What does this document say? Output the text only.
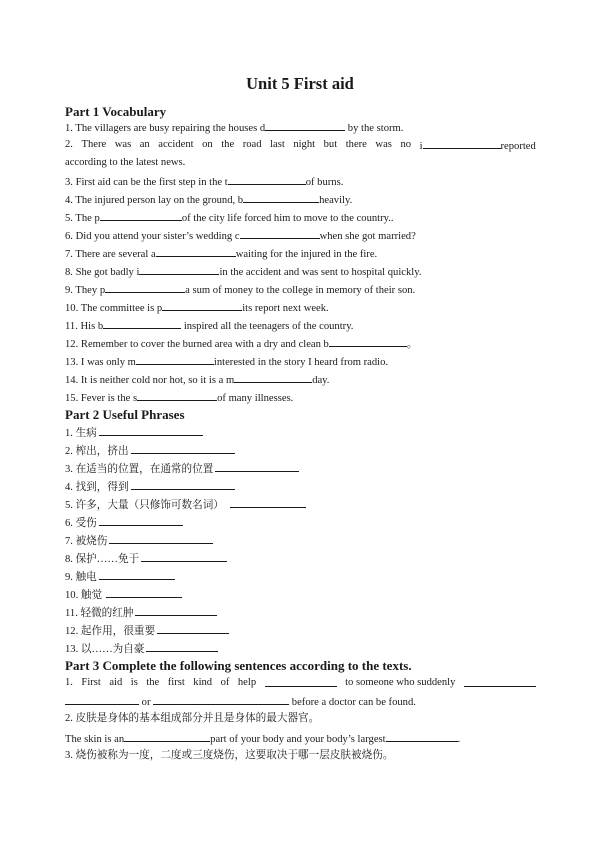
Unit 5 First aid
Part 1 Vocabulary
1. The villagers are busy repairing the houses d	by the storm.
2. There was an accident on the road last night but there was no i	reported
according to the latest news.
3. First aid can be the first step in the t	of burns.
4. The injured person lay on the ground, b	heavily.
5. The p	of the city life forced him to move to the country..
6. Did you attend your sister’s wedding c	when she got married?
7. There are several a	waiting for the injured in the fire.
8. She got badly i	in the accident and was sent to hospital quickly.
9. They p	a sum of money to the college in memory of their son.
10. The committee is p	its report next week.
11. His b	inspired all the teenagers of the country.
12. Remember to cover the burned area with a dry and clean b	。
13. I was only m	interested in the story I heard from radio.
14. It is neither cold nor hot, so it is a m	day.
15. Fever is the s	of many illnesses.
Part 2 Useful Phrases
1. 生病
2. 榨出，挤出
3. 在适当的位置，在通常的位置
4. 找到，得到
5. 许多，大量（只修饰可数名词）
6. 受伤
7. 被烧伤
8. 保护……免于
9. 触电
10. 触觉
11. 轻微的红肿
12. 起作用，很重要
13. 以……为自豪
Part 3 Complete the following sentences according to the texts.
1. First aid is the first kind of help	to someone who suddenly
or	before a doctor can be found.
2. 皮肤是身体的基本组成部分并且是身体的最大器官。
The skin is an	part of your body and your body’s largest	.
3. 烧伤被称为一度，二度或三度烧伤，这要取决于哪一层皮肤被烧伤。
